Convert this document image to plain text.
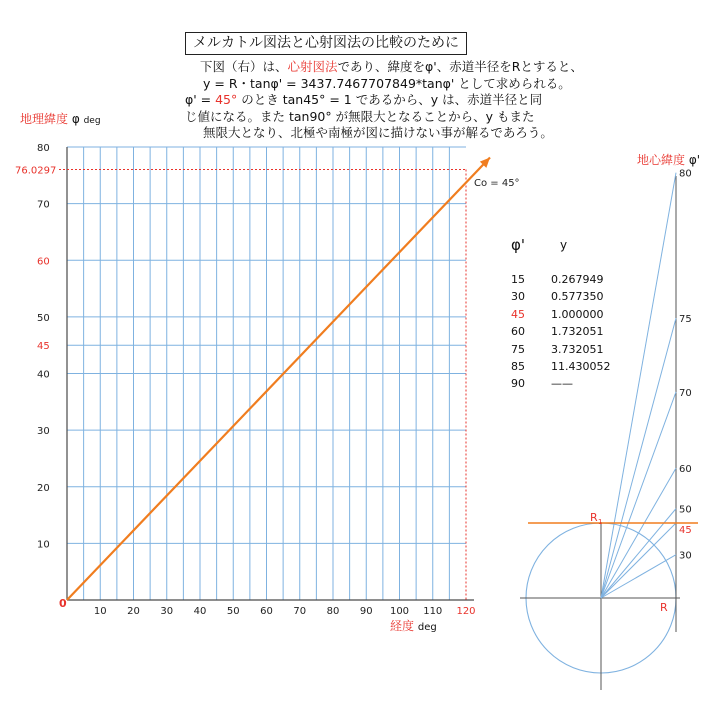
メルカトル図法と心射図法の比較のために
下図（右）は、心射図法であり、緯度をφ'、赤道半径をRとすると、
y = R・tanφ' = 3437.7467707849*tanφ' として求められる。
φ' = 45° のとき tan45° = 1 であるから、y は、赤道半径と同
じ値になる。また tan90° が無限大となることから、y もまた
無限大となり、北極や南極が図に描けない事が解るであろう。
地理緯度 φ deg
経度 deg
地心緯度 φ'
10
20
30
40
45
50
60
70
80
10 20 30 40 50 60 70 80 90 100 110
0
76.0297
120
Co = 45°
80
75
70
60
50
45
30
R 1
R
φ'	y
15 0.267949
30 0.577350
45 1.000000
60 1.732051
75 3.732051
85 11.430052
90 ——
